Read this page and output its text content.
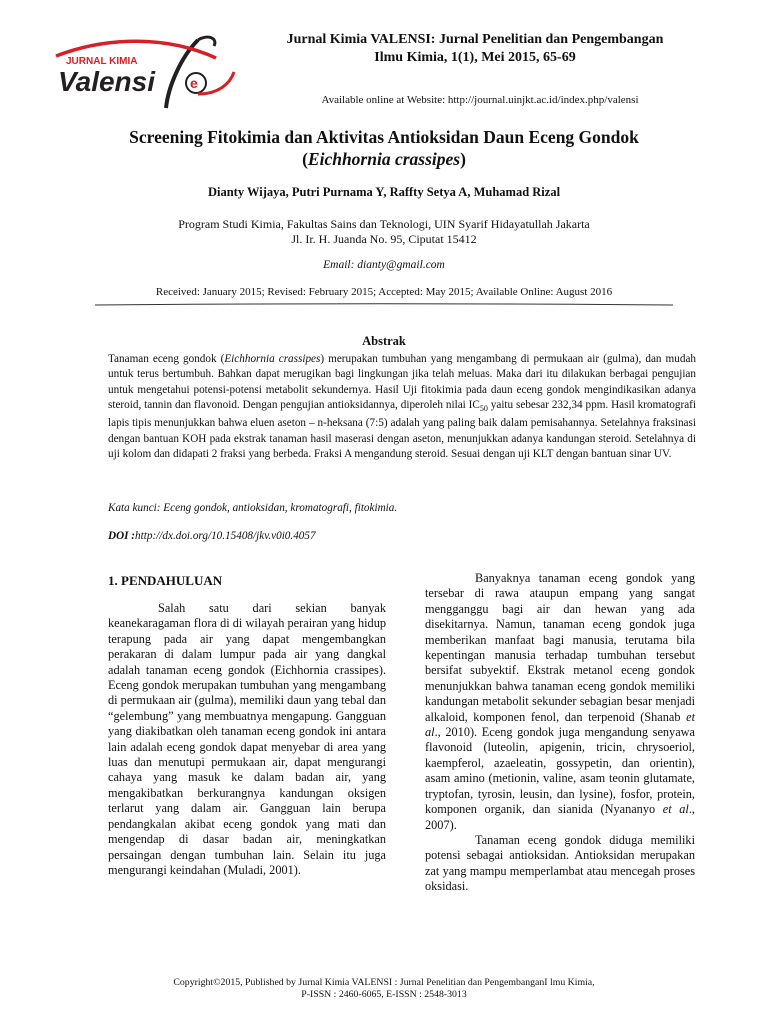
JURNAL KIMIA
Valensi e
Jurnal Kimia VALENSI: Jurnal Penelitian dan Pengembangan
Ilmu Kimia, 1(1), Mei 2015, 65-69
Available online at Website: http://journal.uinjkt.ac.id/index.php/valensi
Screening Fitokimia dan Aktivitas Antioksidan Daun Eceng Gondok
(Eichhornia crassipes)
Dianty Wijaya, Putri Purnama Y, Raffty Setya A, Muhamad Rizal
Program Studi Kimia, Fakultas Sains dan Teknologi, UIN Syarif Hidayatullah Jakarta
Jl. Ir. H. Juanda No. 95, Ciputat 15412
Email: dianty@gmail.com
Received: January 2015; Revised: February 2015; Accepted: May 2015; Available Online: August 2016
Abstrak

Tanaman eceng gondok (Eichhornia crassipes) merupakan tumbuhan yang mengambang di permukaan air (gulma), dan mudah untuk terus bertumbuh. Bahkan dapat merugikan bagi lingkungan jika telah meluas. Maka dari itu dilakukan berbagai pengujian untuk mengetahui potensi-potensi metabolit sekundernya. Hasil Uji fitokimia pada daun eceng gondok mengindikasikan adanya steroid, tannin dan flavonoid. Dengan pengujian antioksidannya, diperoleh nilai $IC_{50}$ yaitu sebesar 232,34 ppm. Hasil kromatografi lapis tipis menunjukkan bahwa eluen aseton – n-heksana (7:5) adalah yang paling baik dalam pemisahannya. Setelahnya fraksinasi dengan bantuan KOH pada ekstrak tanaman hasil maserasi dengan aseton, menunjukkan adanya kandungan steroid. Setelahnya di uji kolom dan didapati 2 fraksi yang berbeda. Fraksi A mengandung steroid. Sesuai dengan uji KLT dengan bantuan sinar UV.

Kata kunci: Eceng gondok, antioksidan, kromatografi, fitokimia.
DOI :http://dx.doi.org/10.15408/jkv.v0i0.4057
1. PENDAHULUAN

Salah satu dari sekian banyak keanekaragaman flora di di wilayah perairan yang hidup terapung pada air yang dapat mengembangkan perakaran di dalam lumpur pada air yang dangkal adalah tanaman eceng gondok (Eichhornia crassipes). Eceng gondok merupakan tumbuhan yang mengambang di permukaan air (gulma), memiliki daun yang tebal dan “gelembung” yang membuatnya mengapung. Gangguan yang diakibatkan oleh tanaman eceng gondok ini antara lain adalah eceng gondok dapat menyebar di area yang luas dan menutupi permukaan air, dapat mengurangi cahaya yang masuk ke dalam badan air, yang mengakibatkan berkurangnya kandungan oksigen terlarut yang dalam air. Gangguan lain berupa pendangkalan akibat eceng gondok yang mati dan mengendap di dasar badan air, meningkatkan persaingan dengan tumbuhan lain. Selain itu juga mengurangi keindahan (Muladi, 2001).

Banyaknya tanaman eceng gondok yang tersebar di rawa ataupun empang yang sangat mengganggu bagi air dan hewan yang ada disekitarnya. Namun, tanaman eceng gondok juga memberikan manfaat bagi manusia, terutama bila kepentingan manusia terhadap tumbuhan tersebut bersifat subyektif. Ekstrak metanol eceng gondok menunjukkan bahwa tanaman eceng gondok memiliki kandungan metabolit sekunder sebagian besar menjadi alkaloid, komponen fenol, dan terpenoid (Shanab et al., 2010). Eceng gondok juga mengandung senyawa flavonoid (luteolin, apigenin, tricin, chrysoeriol, kaempferol, azaeleatin, gossypetin, dan orientin), asam amino (metionin, valine, asam teonin glutamate, tryptofan, tyrosin, leusin, dan lysine), fosfor, protein, komponen organik, dan sianida (Nyananyo et al., 2007).

Tanaman eceng gondok diduga memiliki potensi sebagai antioksidan. Antioksidan merupakan zat yang mampu memperlambat atau mencegah proses oksidasi.

Copyright©2015, Published by Jurnal Kimia VALENSI : Jurnal Penelitian dan PengembanganI lmu Kimia,
P-ISSN : 2460-6065, E-ISSN : 2548-3013
